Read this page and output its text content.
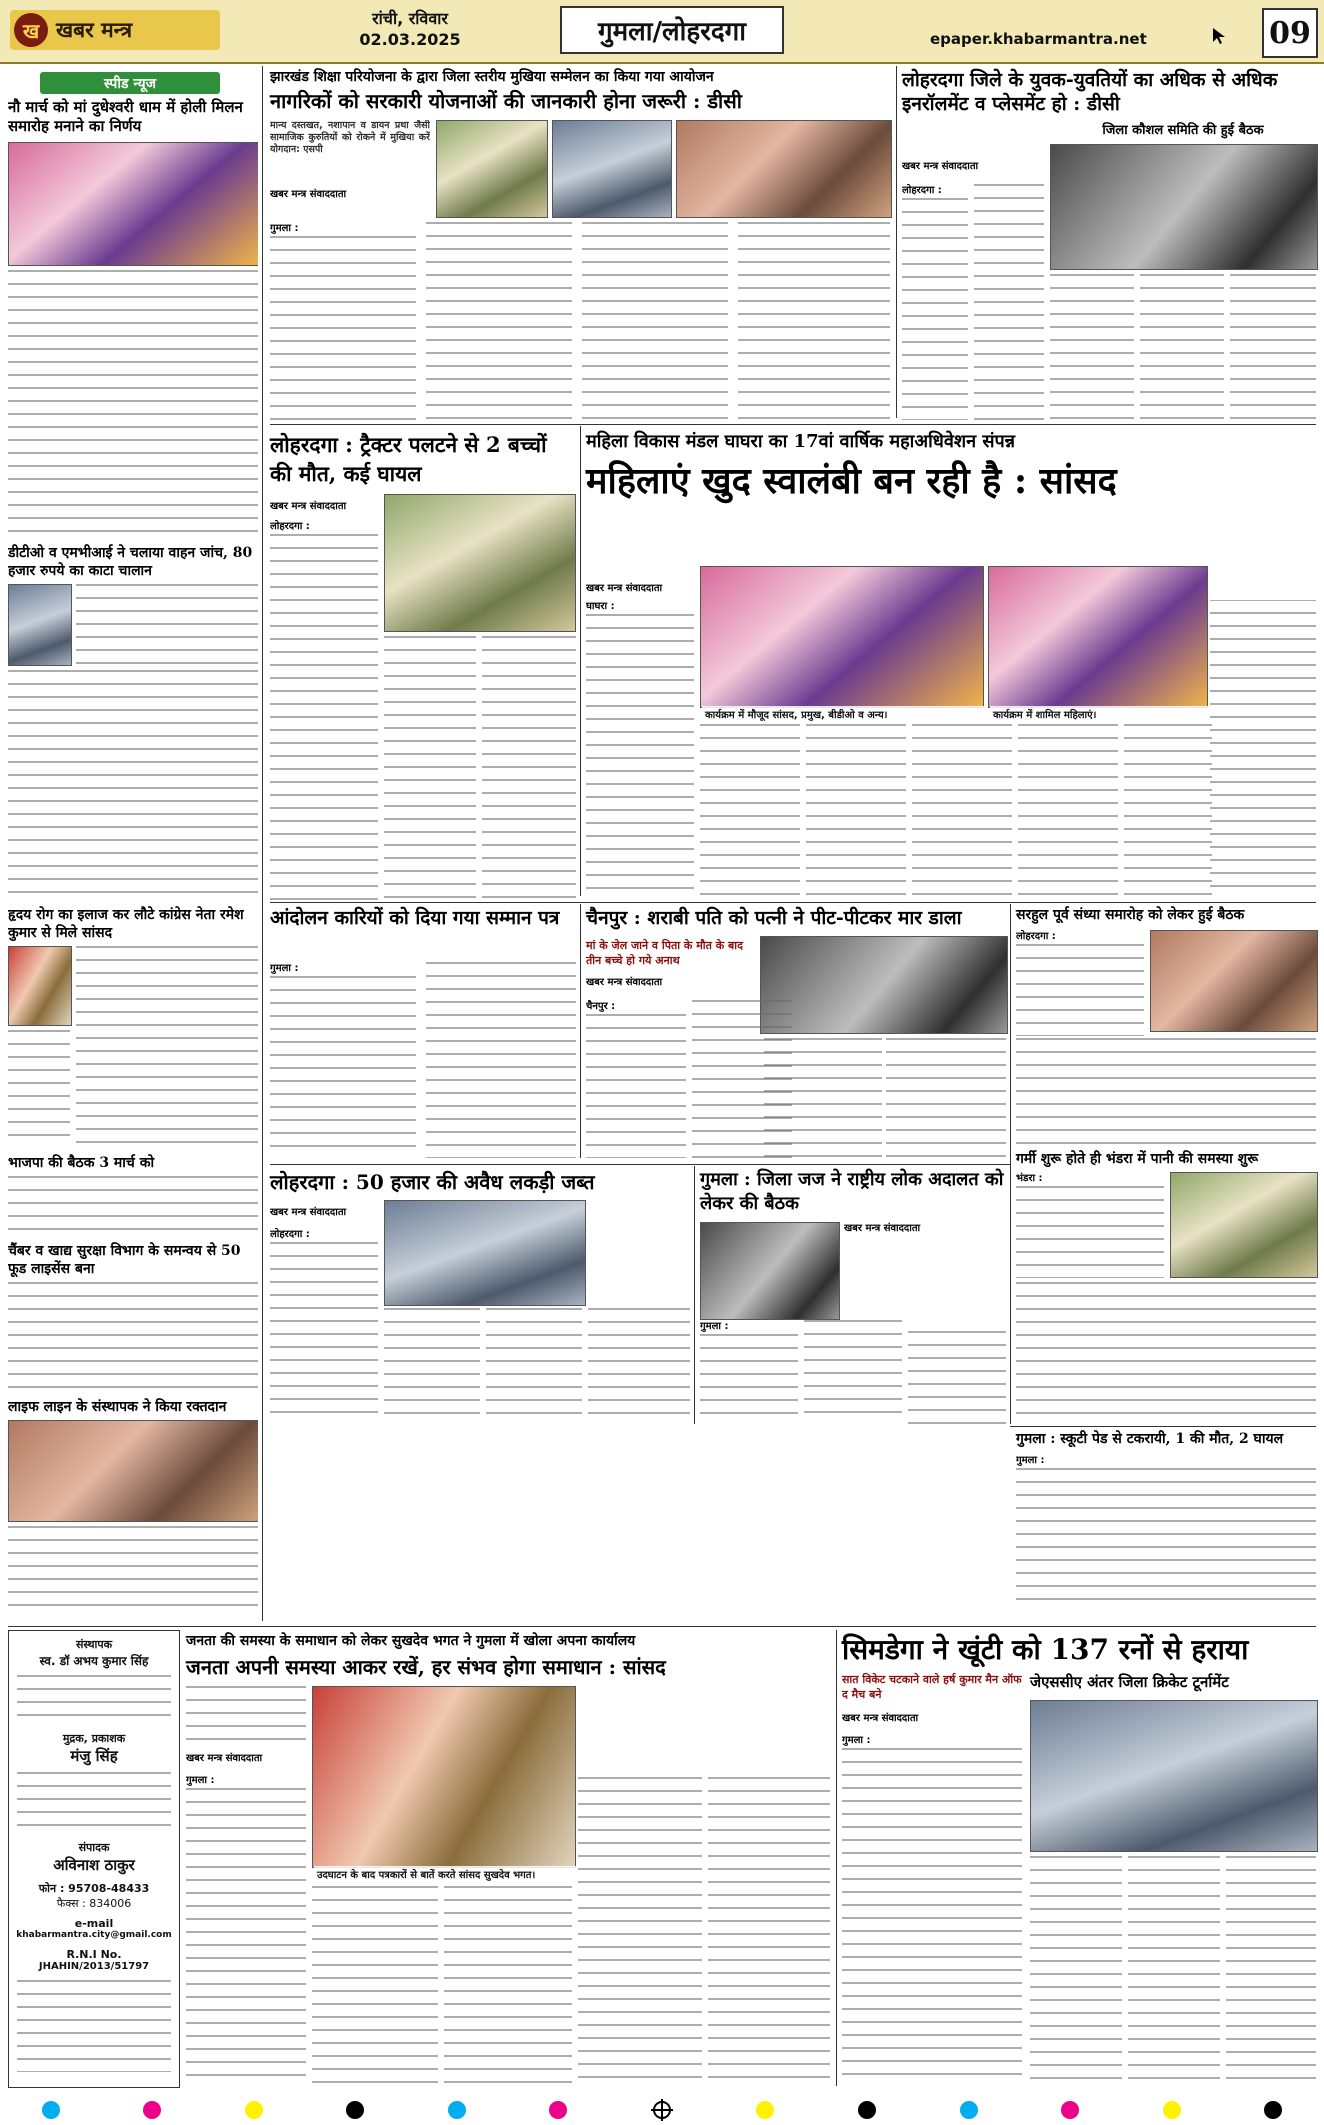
ख खबर मन्त्र	रांची, रविवार
02.03.2025	गुमला/लोहरदगा	epaper.khabarmantra.net	09
स्पीड न्यूज
नौ मार्च को मां दुधेश्वरी धाम में होली मिलन समारोह मनाने का निर्णय
डीटीओ व एमभीआई ने चलाया वाहन जांच, 80 हजार रुपये का काटा चालान
हृदय रोग का इलाज कर लौटे कांग्रेस नेता रमेश कुमार से मिले सांसद
भाजपा की बैठक 3 मार्च को
चैंबर व खाद्य सुरक्षा विभाग के समन्वय से 50 फूड लाइसेंस बना
लाइफ लाइन के संस्थापक ने किया रक्तदान
झारखंड शिक्षा परियोजना के द्वारा जिला स्तरीय मुखिया सम्मेलन का किया गया आयोजन
नागरिकों को सरकारी योजनाओं की जानकारी होना जरूरी : डीसी
मान्य दस्तखत, नशापान व डायन प्रथा जैसी सामाजिक कुरुतियों को रोकने में मुखिया करें योगदान: एसपी
खबर मन्त्र संवाददाता
गुमला :
लोहरदगा जिले के युवक-युवतियों का अधिक से अधिक इनरॉलमेंट व प्लेसमेंट हो : डीसी
जिला कौशल समिति की हुई बैठक
खबर मन्त्र संवाददाता
लोहरदगा :
लोहरदगा : ट्रैक्टर पलटने से 2 बच्चों की मौत, कई घायल
खबर मन्त्र संवाददाता
लोहरदगा :
महिला विकास मंडल घाघरा का 17वां वार्षिक महाअधिवेशन संपन्न
महिलाएं खुद स्वालंबी बन रही है : सांसद
खबर मन्त्र संवाददाता
कार्यक्रम में मौजूद सांसद, प्रमुख, बीडीओ व अन्य।	कार्यक्रम में शामिल महिलाएं।
घाघरा :
आंदोलन कारियों को दिया गया सम्मान पत्र
गुमला :
चैनपुर : शराबी पति को पत्नी ने पीट-पीटकर मार डाला
मां के जेल जाने व पिता के मौत के बाद तीन बच्चे हो गये अनाथ
खबर मन्त्र संवाददाता
चैनपुर :
सरहुल पूर्व संध्या समारोह को लेकर हुई बैठक
लोहरदगा :
गर्मी शुरू होते ही भंडरा में पानी की समस्या शुरू
भंडरा :
लोहरदगा : 50 हजार की अवैध लकड़ी जब्त
खबर मन्त्र संवाददाता
लोहरदगा :
गुमला : जिला जज ने राष्ट्रीय लोक अदालत को लेकर की बैठक
खबर मन्त्र संवाददाता
गुमला :
गुमला : स्कूटी पेड से टकरायी, 1 की मौत, 2 घायल
गुमला :
संस्थापक
स्व. डॉ अभय कुमार सिंह
मुद्रक, प्रकाशक
मंजु सिंह
संपादक
अविनाश ठाकुर
फोन : 95708-48433
फैक्स : 834006
e-mail
khabarmantra.city@gmail.com
R.N.I No.
JHAHIN/2013/51797
जनता की समस्या के समाधान को लेकर सुखदेव भगत ने गुमला में खोला अपना कार्यालय
जनता अपनी समस्या आकर रखें, हर संभव होगा समाधान : सांसद
उदघाटन के बाद पत्रकारों से बातें करते सांसद सुखदेव भगत।
खबर मन्त्र संवाददाता
गुमला :
सिमडेगा ने खूंटी को 137 रनों से हराया
सात विकेट चटकाने वाले हर्ष कुमार मैन ऑफ द मैच बने
जेएससीए अंतर जिला क्रिकेट टूर्नामेंट
खबर मन्त्र संवाददाता
गुमला :
